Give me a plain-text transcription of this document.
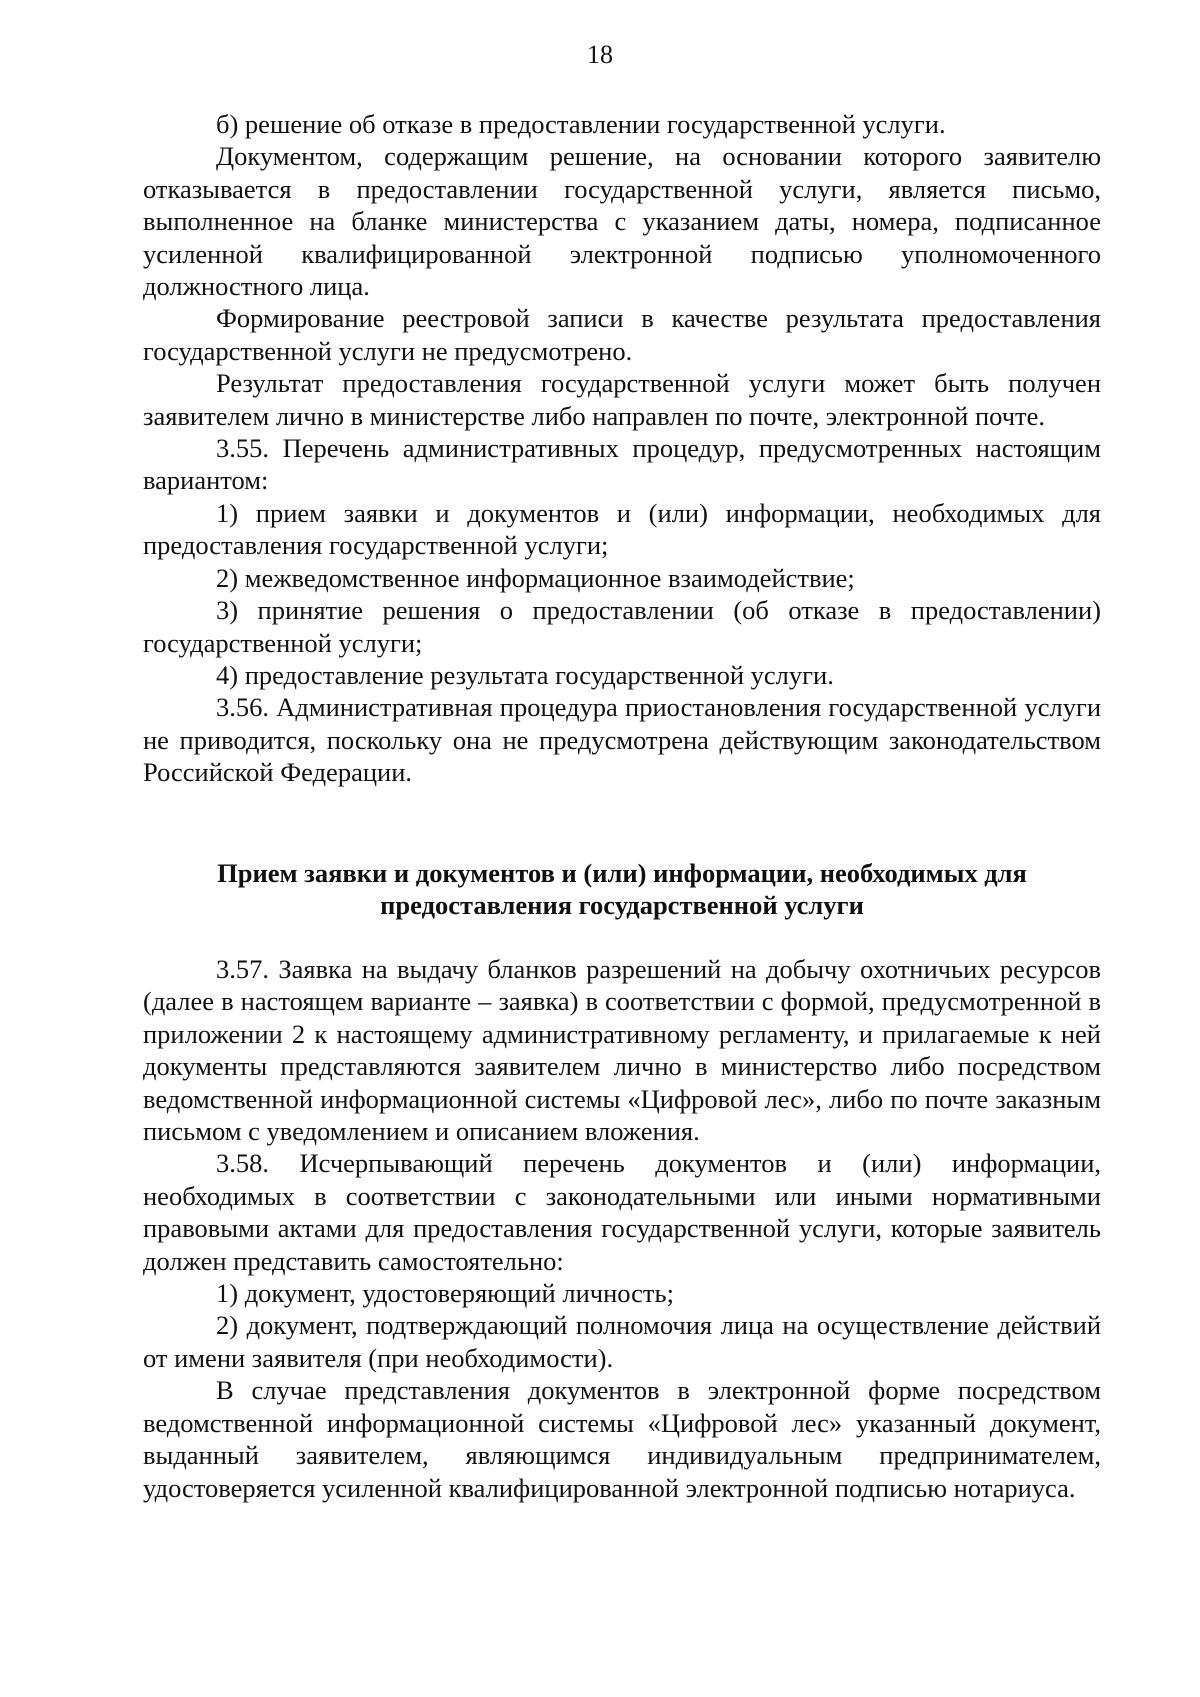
18

б) решение об отказе в предоставлении государственной услуги.

Документом, содержащим решение, на основании которого заявителю отказывается в предоставлении государственной услуги, является письмо, выполненное на бланке министерства с указанием даты, номера, подписанное усиленной квалифицированной электронной подписью уполномоченного должностного лица.

Формирование реестровой записи в качестве результата предоставления государственной услуги не предусмотрено.

Результат предоставления государственной услуги может быть получен заявителем лично в министерстве либо направлен по почте, электронной почте.

3.55. Перечень административных процедур, предусмотренных настоящим вариантом:

1) прием заявки и документов и (или) информации, необходимых для предоставления государственной услуги;

2) межведомственное информационное взаимодействие;

3) принятие решения о предоставлении (об отказе в предоставлении) государственной услуги;

4) предоставление результата государственной услуги.

3.56. Административная процедура приостановления государственной услуги не приводится, поскольку она не предусмотрена действующим законодательством Российской Федерации.

Прием заявки и документов и (или) информации, необходимых для предоставления государственной услуги

3.57. Заявка на выдачу бланков разрешений на добычу охотничьих ресурсов (далее в настоящем варианте – заявка) в соответствии с формой, предусмотренной в приложении 2 к настоящему административному регламенту, и прилагаемые к ней документы представляются заявителем лично в министерство либо посредством ведомственной информационной системы «Цифровой лес», либо по почте заказным письмом с уведомлением и описанием вложения.

3.58. Исчерпывающий перечень документов и (или) информации, необходимых в соответствии с законодательными или иными нормативными правовыми актами для предоставления государственной услуги, которые заявитель должен представить самостоятельно:

1) документ, удостоверяющий личность;

2) документ, подтверждающий полномочия лица на осуществление действий от имени заявителя (при необходимости).

В случае представления документов в электронной форме посредством ведомственной информационной системы «Цифровой лес» указанный документ, выданный заявителем, являющимся индивидуальным предпринимателем, удостоверяется усиленной квалифицированной электронной подписью нотариуса.
